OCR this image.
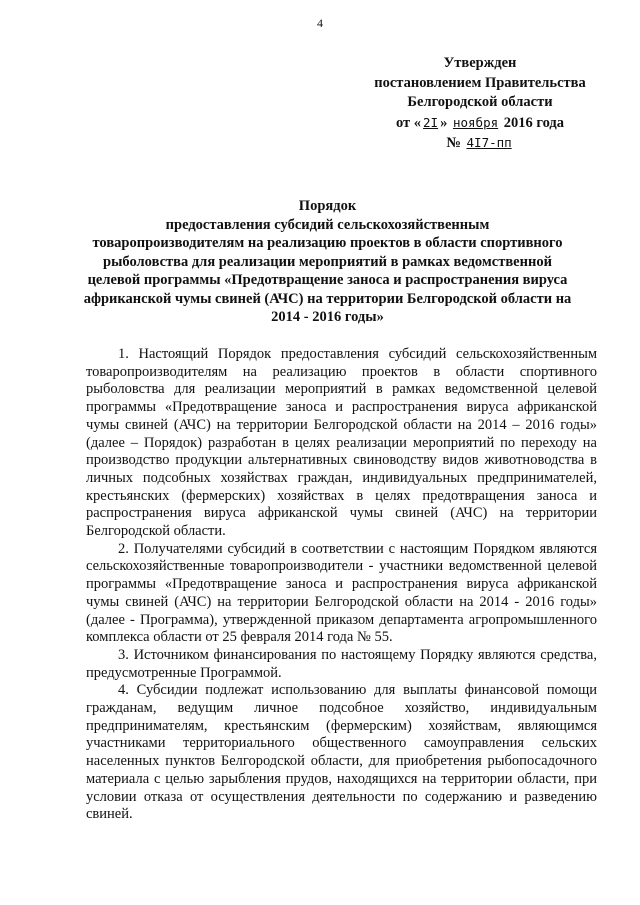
4
Утвержден
постановлением Правительства
Белгородской области
от « 2I » ноября 2016 года
№ 4I7-пп
Порядок
предоставления субсидий сельскохозяйственным
товаропроизводителям на реализацию проектов в области спортивного
рыболовства для реализации мероприятий в рамках ведомственной
целевой программы «Предотвращение заноса и распространения вируса
африканской чумы свиней (АЧС) на территории Белгородской области на
2014 - 2016 годы»

1. Настоящий Порядок предоставления субсидий сельскохозяйственным товаропроизводителям на реализацию проектов в области спортивного рыболовства для реализации мероприятий в рамках ведомственной целевой программы «Предотвращение заноса и распространения вируса африканской чумы свиней (АЧС) на территории Белгородской области на 2014 – 2016 годы» (далее – Порядок) разработан в целях реализации мероприятий по переходу на производство продукции альтернативных свиноводству видов животноводства в личных подсобных хозяйствах граждан, индивидуальных предпринимателей, крестьянских (фермерских) хозяйствах в целях предотвращения заноса и распространения вируса африканской чумы свиней (АЧС) на территории Белгородской области.

2. Получателями субсидий в соответствии с настоящим Порядком являются сельскохозяйственные товаропроизводители - участники ведомственной целевой программы «Предотвращение заноса и распространения вируса африканской чумы свиней (АЧС) на территории Белгородской области на 2014 - 2016 годы» (далее - Программа), утвержденной приказом департамента агропромышленного комплекса области от 25 февраля 2014 года № 55.

3. Источником финансирования по настоящему Порядку являются средства, предусмотренные Программой.

4. Субсидии подлежат использованию для выплаты финансовой помощи гражданам, ведущим личное подсобное хозяйство, индивидуальным предпринимателям, крестьянским (фермерским) хозяйствам, являющимся участниками территориального общественного самоуправления сельских населенных пунктов Белгородской области, для приобретения рыбопосадочного материала с целью зарыбления прудов, находящихся на территории области, при условии отказа от осуществления деятельности по содержанию и разведению свиней.
